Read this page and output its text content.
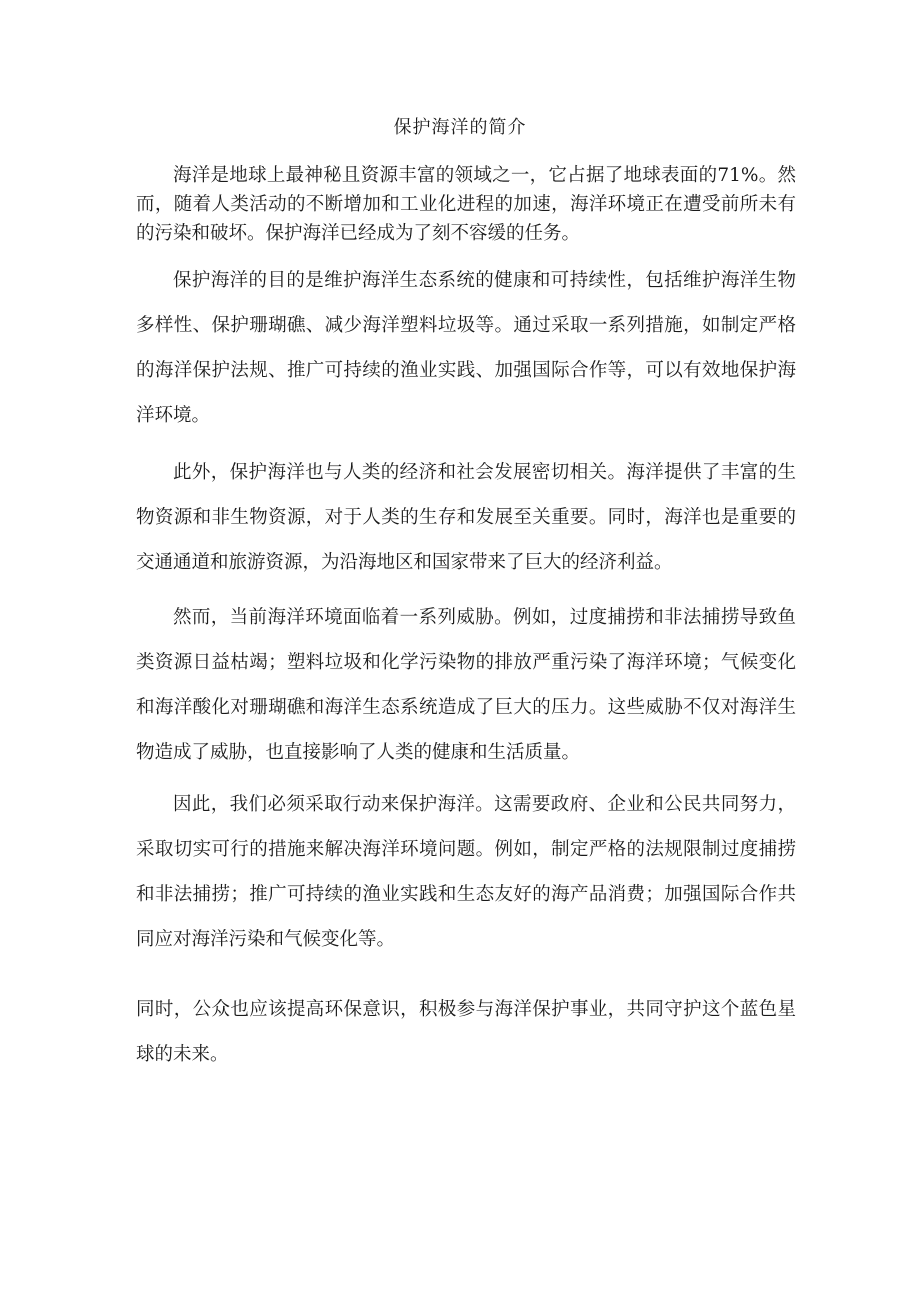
保护海洋的简介

海洋是地球上最神秘且资源丰富的领域之一，它占据了地球表面的71%。然而，随着人类活动的不断增加和工业化进程的加速，海洋环境正在遭受前所未有的污染和破坏。保护海洋已经成为了刻不容缓的任务。

保护海洋的目的是维护海洋生态系统的健康和可持续性，包括维护海洋生物多样性、保护珊瑚礁、减少海洋塑料垃圾等。通过采取一系列措施，如制定严格的海洋保护法规、推广可持续的渔业实践、加强国际合作等，可以有效地保护海洋环境。

此外，保护海洋也与人类的经济和社会发展密切相关。海洋提供了丰富的生物资源和非生物资源，对于人类的生存和发展至关重要。同时，海洋也是重要的交通通道和旅游资源，为沿海地区和国家带来了巨大的经济利益。

然而，当前海洋环境面临着一系列威胁。例如，过度捕捞和非法捕捞导致鱼类资源日益枯竭；塑料垃圾和化学污染物的排放严重污染了海洋环境；气候变化和海洋酸化对珊瑚礁和海洋生态系统造成了巨大的压力。这些威胁不仅对海洋生物造成了威胁，也直接影响了人类的健康和生活质量。

因此，我们必须采取行动来保护海洋。这需要政府、企业和公民共同努力，采取切实可行的措施来解决海洋环境问题。例如，制定严格的法规限制过度捕捞和非法捕捞；推广可持续的渔业实践和生态友好的海产品消费；加强国际合作共同应对海洋污染和气候变化等。

同时，公众也应该提高环保意识，积极参与海洋保护事业，共同守护这个蓝色星球的未来。
